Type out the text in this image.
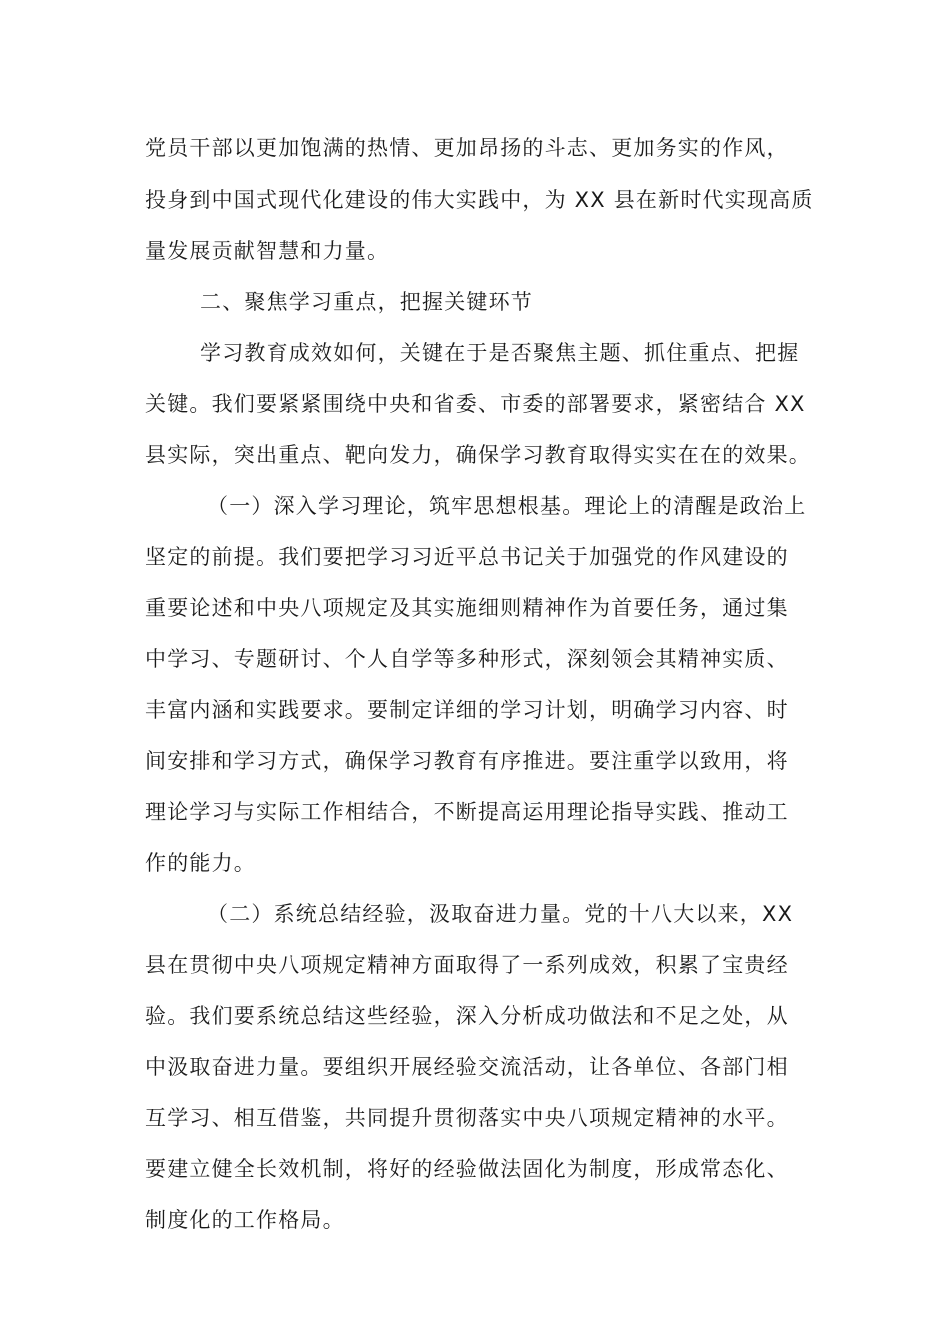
党员干部以更加饱满的热情、更加昂扬的斗志、更加务实的作风，
投身到中国式现代化建设的伟大实践中，为 XX 县在新时代实现高质
量发展贡献智慧和力量。
二、聚焦学习重点，把握关键环节
学习教育成效如何，关键在于是否聚焦主题、抓住重点、把握
关键。我们要紧紧围绕中央和省委、市委的部署要求，紧密结合 XX
县实际，突出重点、靶向发力，确保学习教育取得实实在在的效果。
（一）深入学习理论，筑牢思想根基。理论上的清醒是政治上
坚定的前提。我们要把学习习近平总书记关于加强党的作风建设的
重要论述和中央八项规定及其实施细则精神作为首要任务，通过集
中学习、专题研讨、个人自学等多种形式，深刻领会其精神实质、
丰富内涵和实践要求。要制定详细的学习计划，明确学习内容、时
间安排和学习方式，确保学习教育有序推进。要注重学以致用，将
理论学习与实际工作相结合，不断提高运用理论指导实践、推动工
作的能力。
（二）系统总结经验，汲取奋进力量。党的十八大以来，XX
县在贯彻中央八项规定精神方面取得了一系列成效，积累了宝贵经
验。我们要系统总结这些经验，深入分析成功做法和不足之处，从
中汲取奋进力量。要组织开展经验交流活动，让各单位、各部门相
互学习、相互借鉴，共同提升贯彻落实中央八项规定精神的水平。
要建立健全长效机制，将好的经验做法固化为制度，形成常态化、
制度化的工作格局。
